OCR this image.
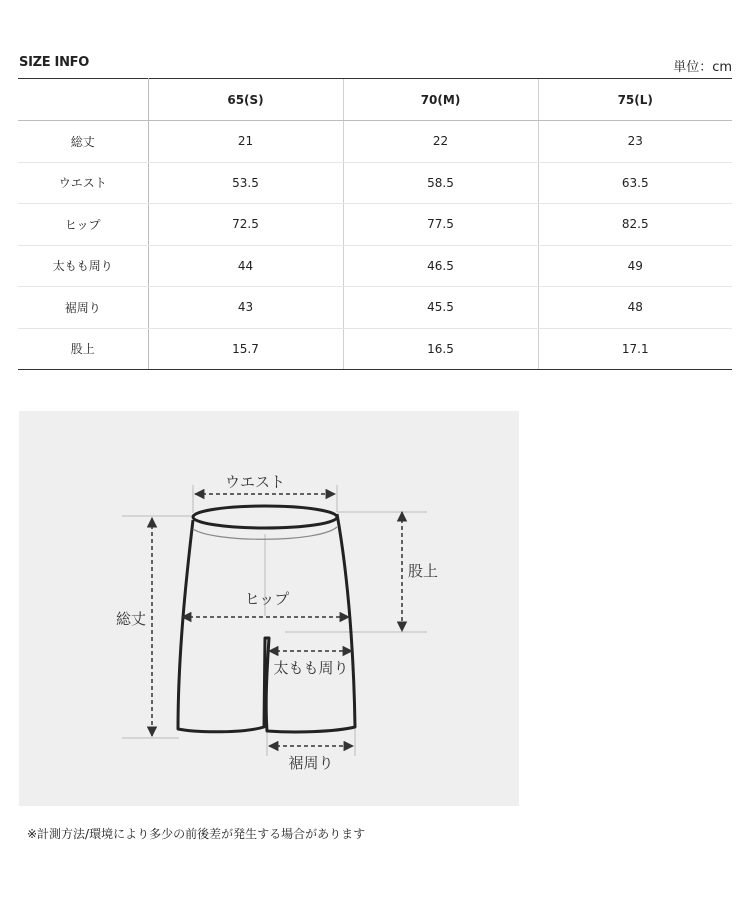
SIZE INFO	単位：cm
	65(S)	70(M)	75(L)
総丈	21	22	23
ウエスト	53.5	58.5	63.5
ヒップ	72.5	77.5	82.5
太もも周り	44	46.5	49
裾周り	43	45.5	48
股上	15.7	16.5	17.1
ウエスト
総丈
股上
ヒップ
太もも周り
裾周り
※計測方法/環境により多少の前後差が発生する場合があります
